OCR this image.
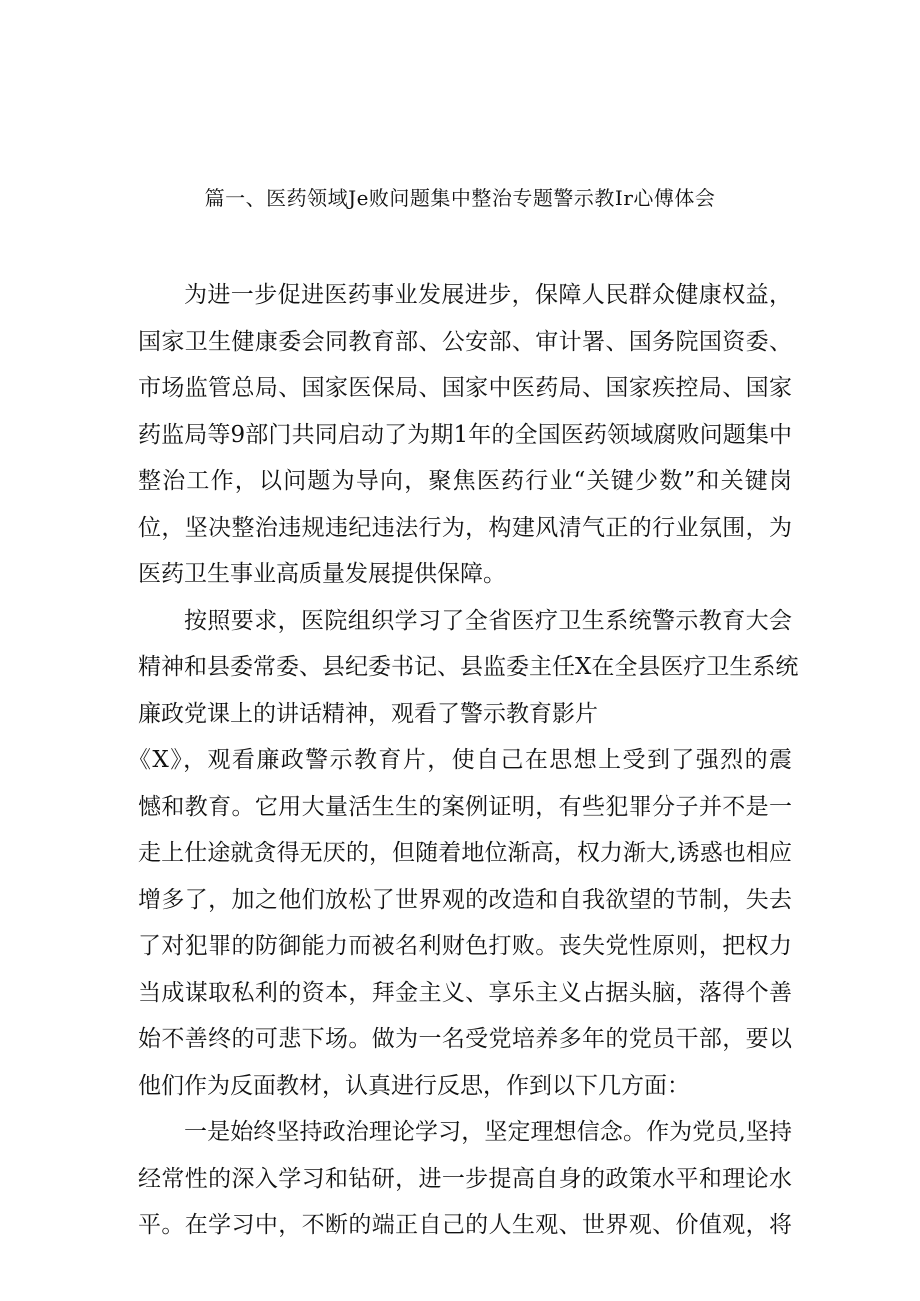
篇一、医药领域Je败问题集中整治专题警示教Ir心傅体会
为进一步促进医药事业发展进步，保障人民群众健康权益，
国家卫生健康委会同教育部、公安部、审计署、国务院国资委、
市场监管总局、国家医保局、国家中医药局、国家疾控局、国家
药监局等9部门共同启动了为期1年的全国医药领域腐败问题集中
整治工作，以问题为导向，聚焦医药行业“关键少数”和关键岗
位，坚决整治违规违纪违法行为，构建风清气正的行业氛围，为
医药卫生事业高质量发展提供保障。
按照要求，医院组织学习了全省医疗卫生系统警示教育大会
精神和县委常委、县纪委书记、县监委主任X在全县医疗卫生系统
廉政党课上的讲话精神，观看了警示教育影片
《X》，观看廉政警示教育片，使自己在思想上受到了强烈的震
憾和教育。它用大量活生生的案例证明，有些犯罪分子并不是一
走上仕途就贪得无厌的，但随着地位渐高，权力渐大,诱惑也相应
增多了，加之他们放松了世界观的改造和自我欲望的节制，失去
了对犯罪的防御能力而被名利财色打败。丧失党性原则，把权力
当成谋取私利的资本，拜金主义、享乐主义占据头脑，落得个善
始不善终的可悲下场。做为一名受党培养多年的党员干部，要以
他们作为反面教材，认真进行反思，作到以下几方面：
一是始终坚持政治理论学习，坚定理想信念。作为党员,坚持
经常性的深入学习和钻研，进一步提高自身的政策水平和理论水
平。在学习中，不断的端正自己的人生观、世界观、价值观，将
